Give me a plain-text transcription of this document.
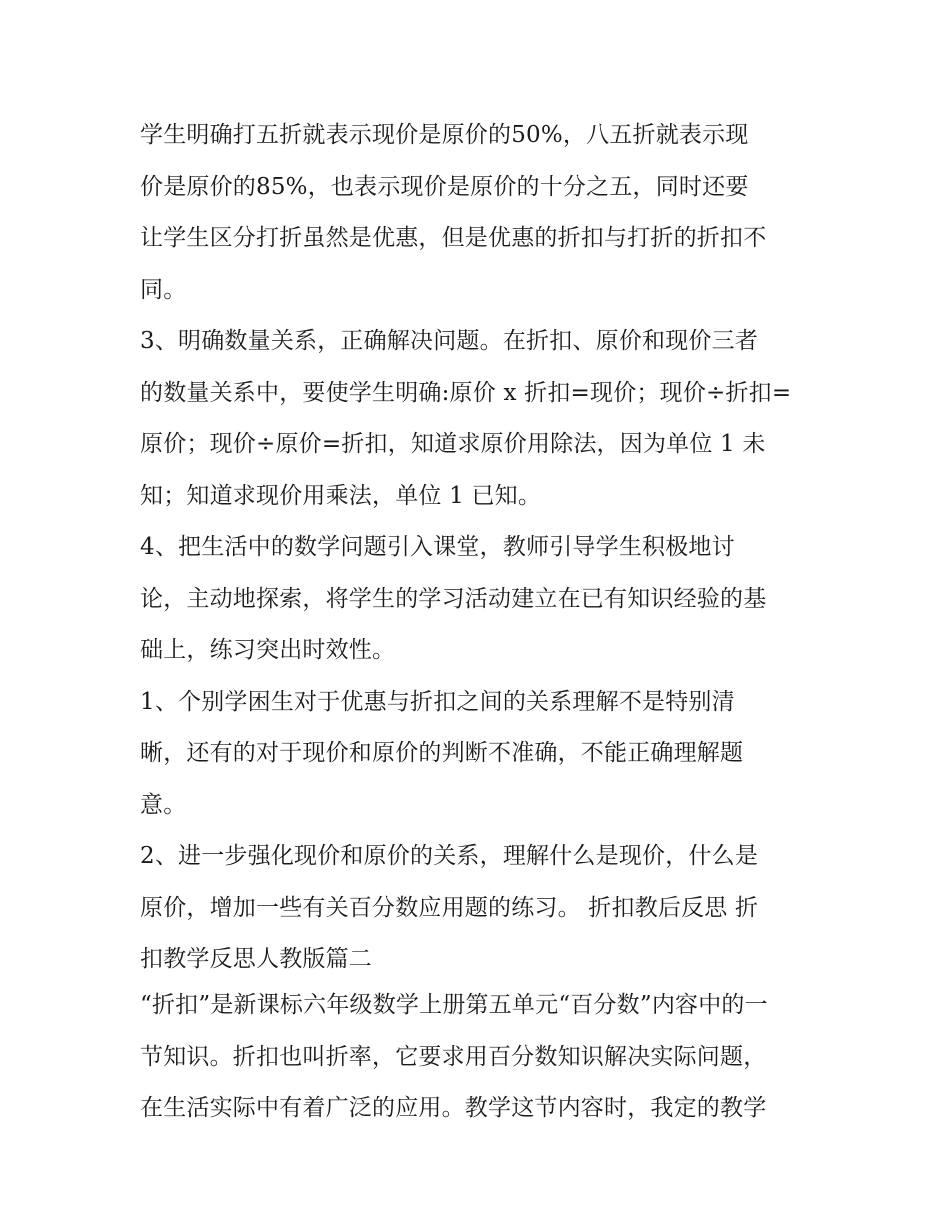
学生明确打五折就表示现价是原价的50%，八五折就表示现
价是原价的85%，也表示现价是原价的十分之五，同时还要
让学生区分打折虽然是优惠，但是优惠的折扣与打折的折扣不
同。
3、明确数量关系，正确解决问题。在折扣、原价和现价三者
的数量关系中，要使学生明确:原价 x 折扣=现价；现价÷折扣=
原价；现价÷原价=折扣，知道求原价用除法，因为单位 1 未
知；知道求现价用乘法，单位 1 已知。
4、把生活中的数学问题引入课堂，教师引导学生积极地讨
论，主动地探索，将学生的学习活动建立在已有知识经验的基
础上，练习突出时效性。
1、个别学困生对于优惠与折扣之间的关系理解不是特别清
晰，还有的对于现价和原价的判断不准确，不能正确理解题
意。
2、进一步强化现价和原价的关系，理解什么是现价，什么是
原价，增加一些有关百分数应用题的练习。 折扣教后反思 折
扣教学反思人教版篇二
“折扣”是新课标六年级数学上册第五单元“百分数”内容中的一
节知识。折扣也叫折率，它要求用百分数知识解决实际问题，
在生活实际中有着广泛的应用。教学这节内容时，我定的教学
